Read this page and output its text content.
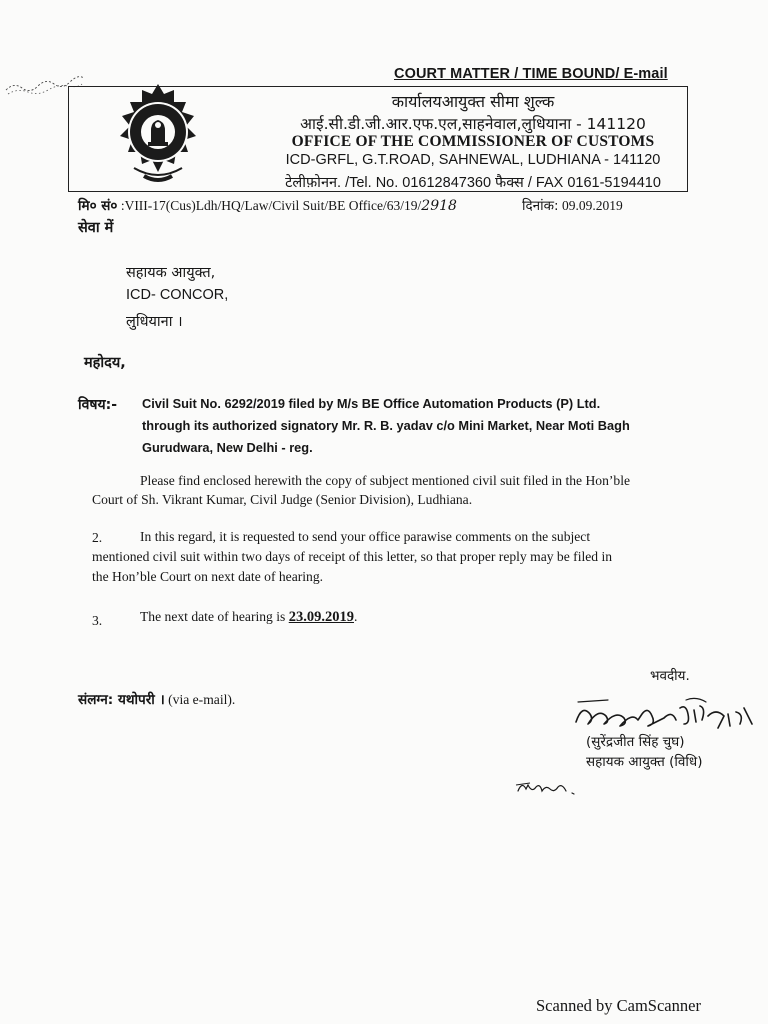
COURT MATTER / TIME BOUND/ E-mail
कार्यालयआयुक्त सीमा शुल्क
आई.सी.डी.जी.आर.एफ.एल,साहनेवाल,लुधियाना - 141120
OFFICE OF THE COMMISSIONER OF CUSTOMS
ICD-GRFL, G.T.ROAD, SAHNEWAL, LUDHIANA - 141120
टेलीफ़ोनन. /Tel. No. 01612847360 फैक्स / FAX 0161-5194410
मि० सं० :VIII-17(Cus)Ldh/HQ/Law/Civil Suit/BE Office/63/19/2918	दिनांक: 09.09.2019
सेवा में
सहायक आयुक्त,
ICD- CONCOR,
लुधियाना ।
महोदय,
विषय:- Civil Suit No. 6292/2019 filed by M/s BE Office Automation Products (P) Ltd.
through its authorized signatory Mr. R. B. yadav c/o Mini Market, Near Moti Bagh
Gurudwara, New Delhi - reg.
Please find enclosed herewith the copy of subject mentioned civil suit filed in the Hon’ble
Court of Sh. Vikrant Kumar, Civil Judge (Senior Division), Ludhiana.
2.	In this regard, it is requested to send your office parawise comments on the subject
mentioned civil suit within two days of receipt of this letter, so that proper reply may be filed in
the Hon’ble Court on next date of hearing.
3.	The next date of hearing is 23.09.2019.
भवदीय.
संलग्न: यथोपरी । (via e-mail).
(सुरेंद्रजीत सिंह चुघ)
सहायक आयुक्त (विधि)
Scanned by CamScanner
